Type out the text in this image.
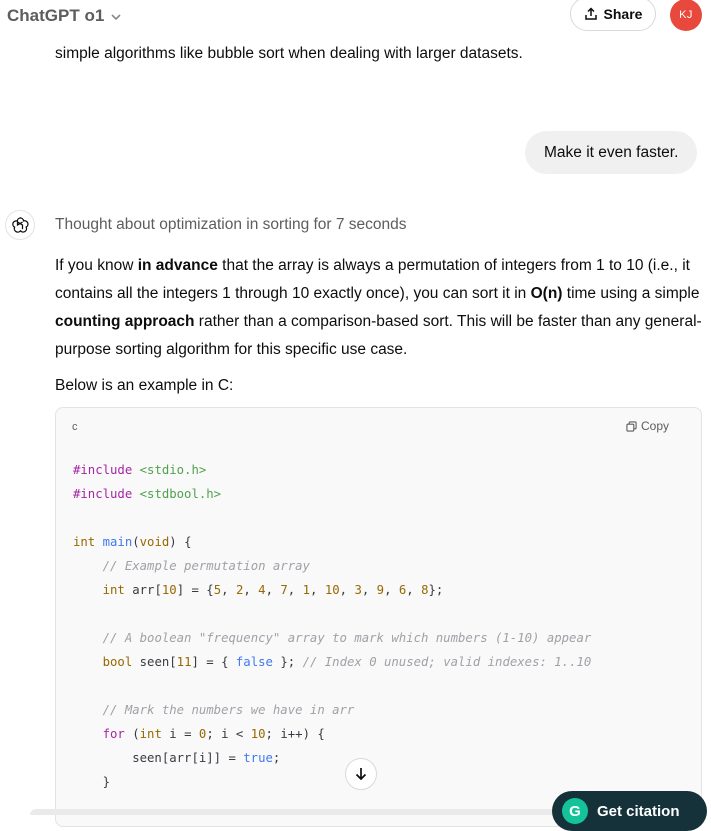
ChatGPT o1	Share	KJ
simple algorithms like bubble sort when dealing with larger datasets.
Make it even faster.
Thought about optimization in sorting for 7 seconds

If you know in advance that the array is always a permutation of integers from 1 to 10 (i.e., it contains all the integers 1 through 10 exactly once), you can sort it in O(n) time using a simple counting approach rather than a comparison-based sort. This will be faster than any general-purpose sorting algorithm for this specific use case.

Below is an example in C:

c	Copy
#include <stdio.h>
#include <stdbool.h>

int main(void) {
// Example permutation array
int arr[10] = {5, 2, 4, 7, 1, 10, 3, 9, 6, 8};

// A boolean "frequency" array to mark which numbers (1-10) appear
bool seen[11] = { false }; // Index 0 unused; valid indexes: 1..10

// Mark the numbers we have in arr
for (int i = 0; i < 10; i++) {
seen[arr[i]] = true;
}
G	Get citation
